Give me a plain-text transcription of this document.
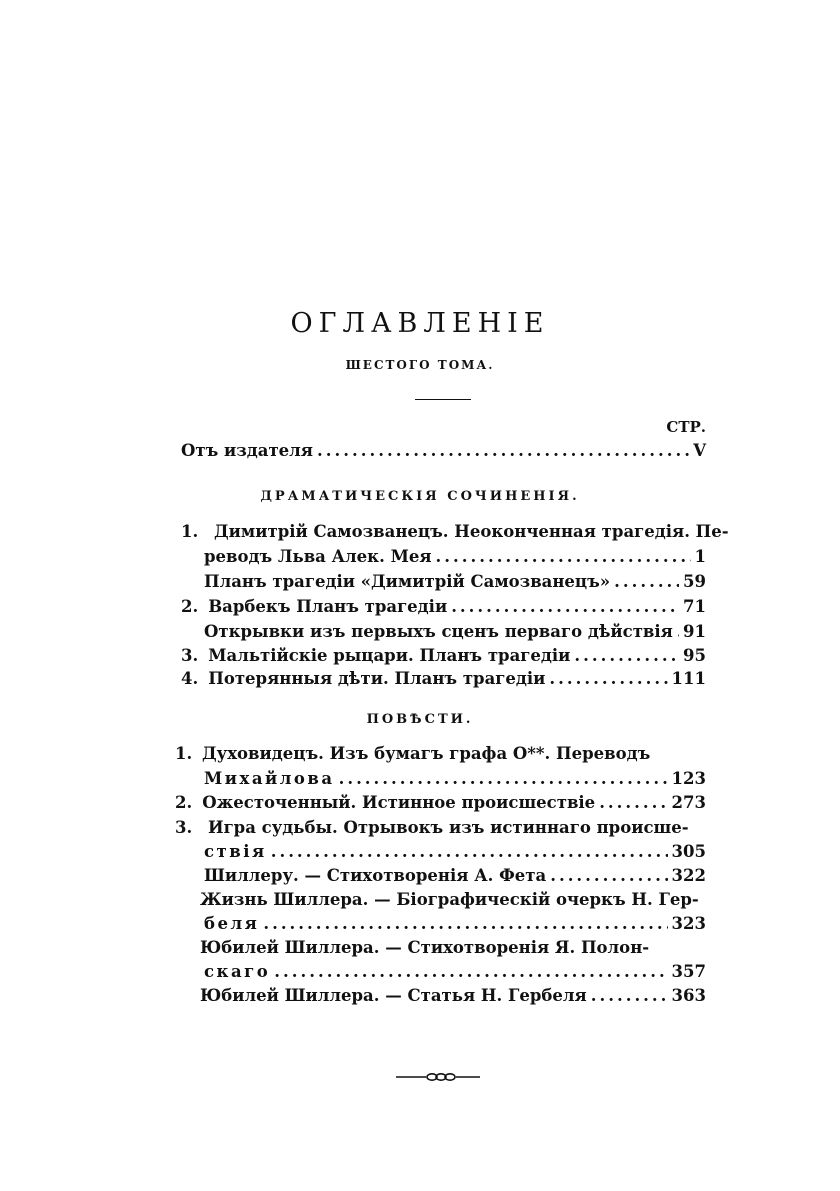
ОГЛАВЛЕНІЕ
ШЕСТОГО ТОМА.
СТР.
Отъ издателя .....	V
ДРАМАТИЧЕСКІЯ СОЧИНЕНІЯ.
1. Димитрій Самозванецъ. Неоконченная трагедія. Пе-
реводъ Льва Алек. Мея .....	1
Планъ трагедіи «Димитрій Самозванецъ» .....	59
2. Варбекъ Планъ трагедіи .....	71
Открывки изъ первыхъ сценъ перваго дѣйствія ..... 91
3. Мальтійскіе рыцари. Планъ трагедіи .....	95
4. Потерянныя дѣти. Планъ трагедіи .....	111
ПОВѢСТИ.
1. Духовидецъ. Изъ бумагъ графа О**. Переводъ
Михайлова .....	123
2. Ожесточенный. Истинное происшествіе .....	273
3. Игра судьбы. Отрывокъ изъ истиннаго происше-
ствія .....	305
Шиллеру. — Стихотворенія А. Фета .....	322
Жизнь Шиллера. — Біографическій очеркъ Н. Гер-
беля .....	323
Юбилей Шиллера. — Стихотворенія Я. Полон-
скаго .....	357
Юбилей Шиллера. — Статья Н. Гербеля .....	363
